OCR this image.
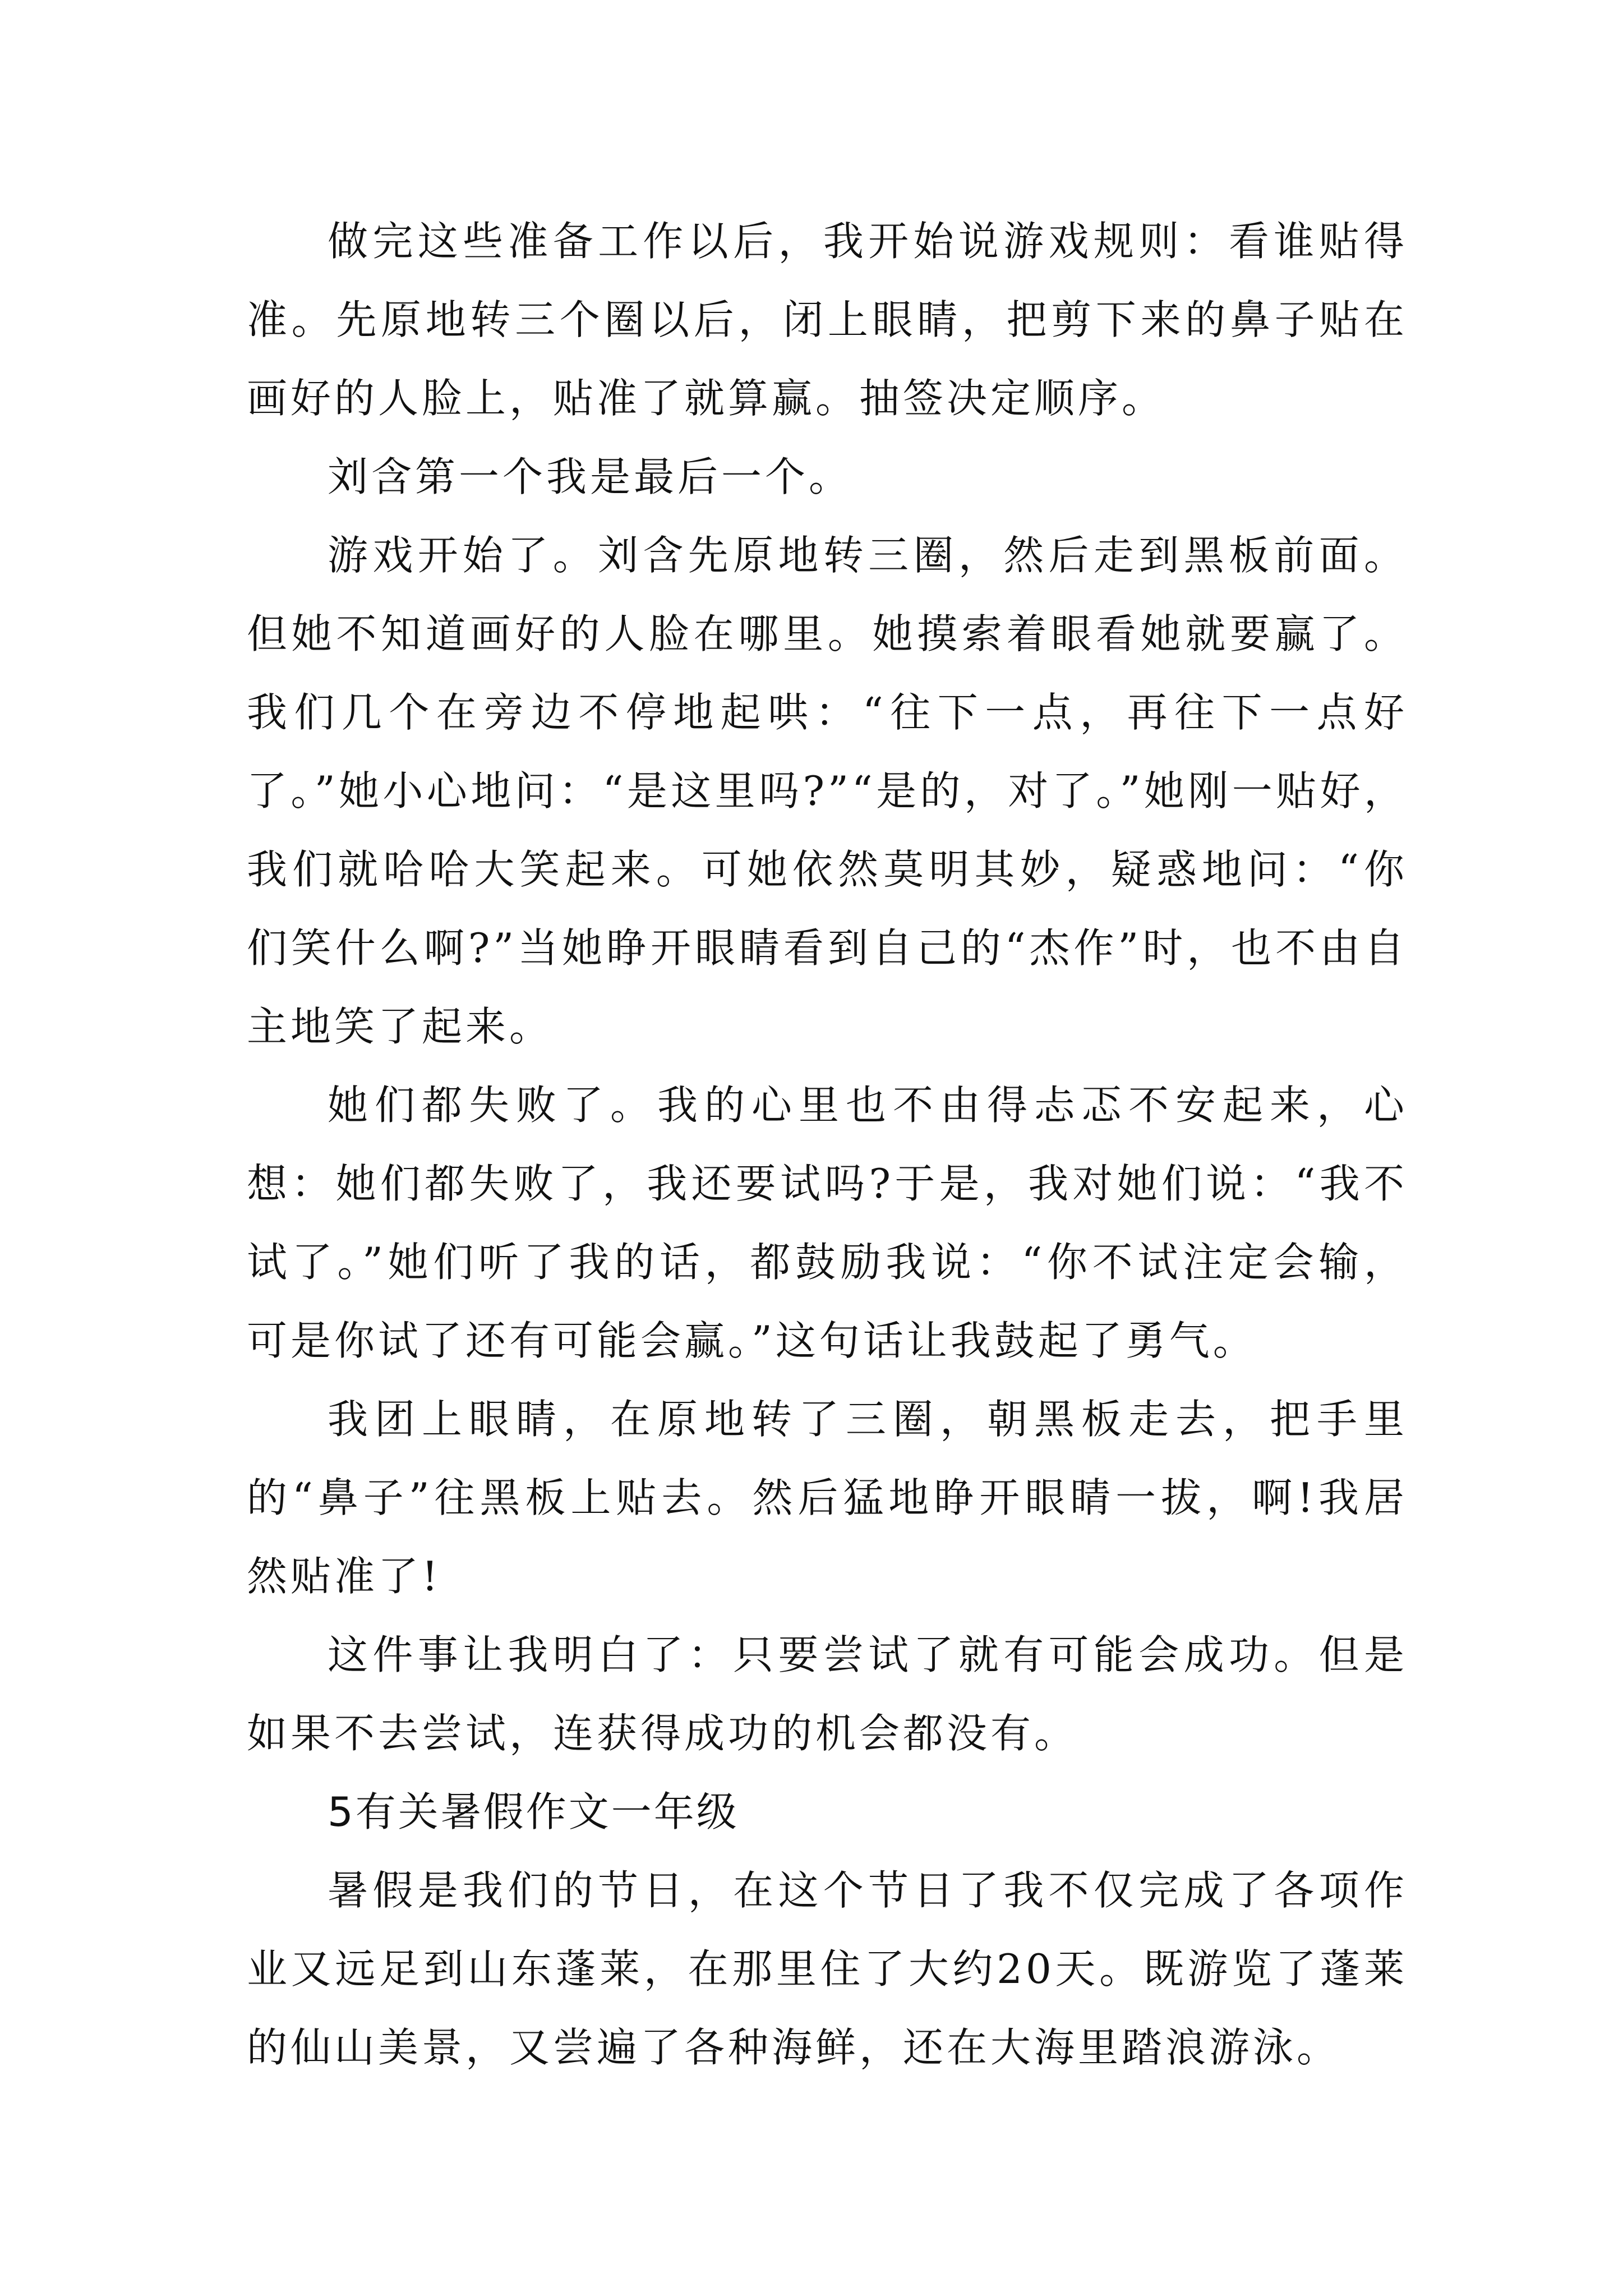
做完这些准备工作以后，我开始说游戏规则：看谁贴得准。先原地转三个圈以后，闭上眼睛，把剪下来的鼻子贴在画好的人脸上，贴准了就算赢。抽签决定顺序。

刘含第一个我是最后一个。

游戏开始了。刘含先原地转三圈，然后走到黑板前面。但她不知道画好的人脸在哪里。她摸索着眼看她就要赢了。我们几个在旁边不停地起哄：“往下一点，再往下一点好了。”她小心地问：“是这里吗?”“是的，对了。”她刚一贴好，我们就哈哈大笑起来。可她依然莫明其妙，疑惑地问：“你们笑什么啊?”当她睁开眼睛看到自己的“杰作”时，也不由自主地笑了起来。

她们都失败了。我的心里也不由得忐忑不安起来，心想：她们都失败了，我还要试吗?于是，我对她们说：“我不试了。”她们听了我的话，都鼓励我说：“你不试注定会输，可是你试了还有可能会赢。”这句话让我鼓起了勇气。

我团上眼睛，在原地转了三圈，朝黑板走去，把手里的“鼻子”往黑板上贴去。然后猛地睁开眼睛一拔，啊!我居然贴准了!

这件事让我明白了：只要尝试了就有可能会成功。但是如果不去尝试，连获得成功的机会都没有。

5有关暑假作文一年级

暑假是我们的节日，在这个节日了我不仅完成了各项作业又远足到山东蓬莱，在那里住了大约20天。既游览了蓬莱的仙山美景，又尝遍了各种海鲜，还在大海里踏浪游泳。
